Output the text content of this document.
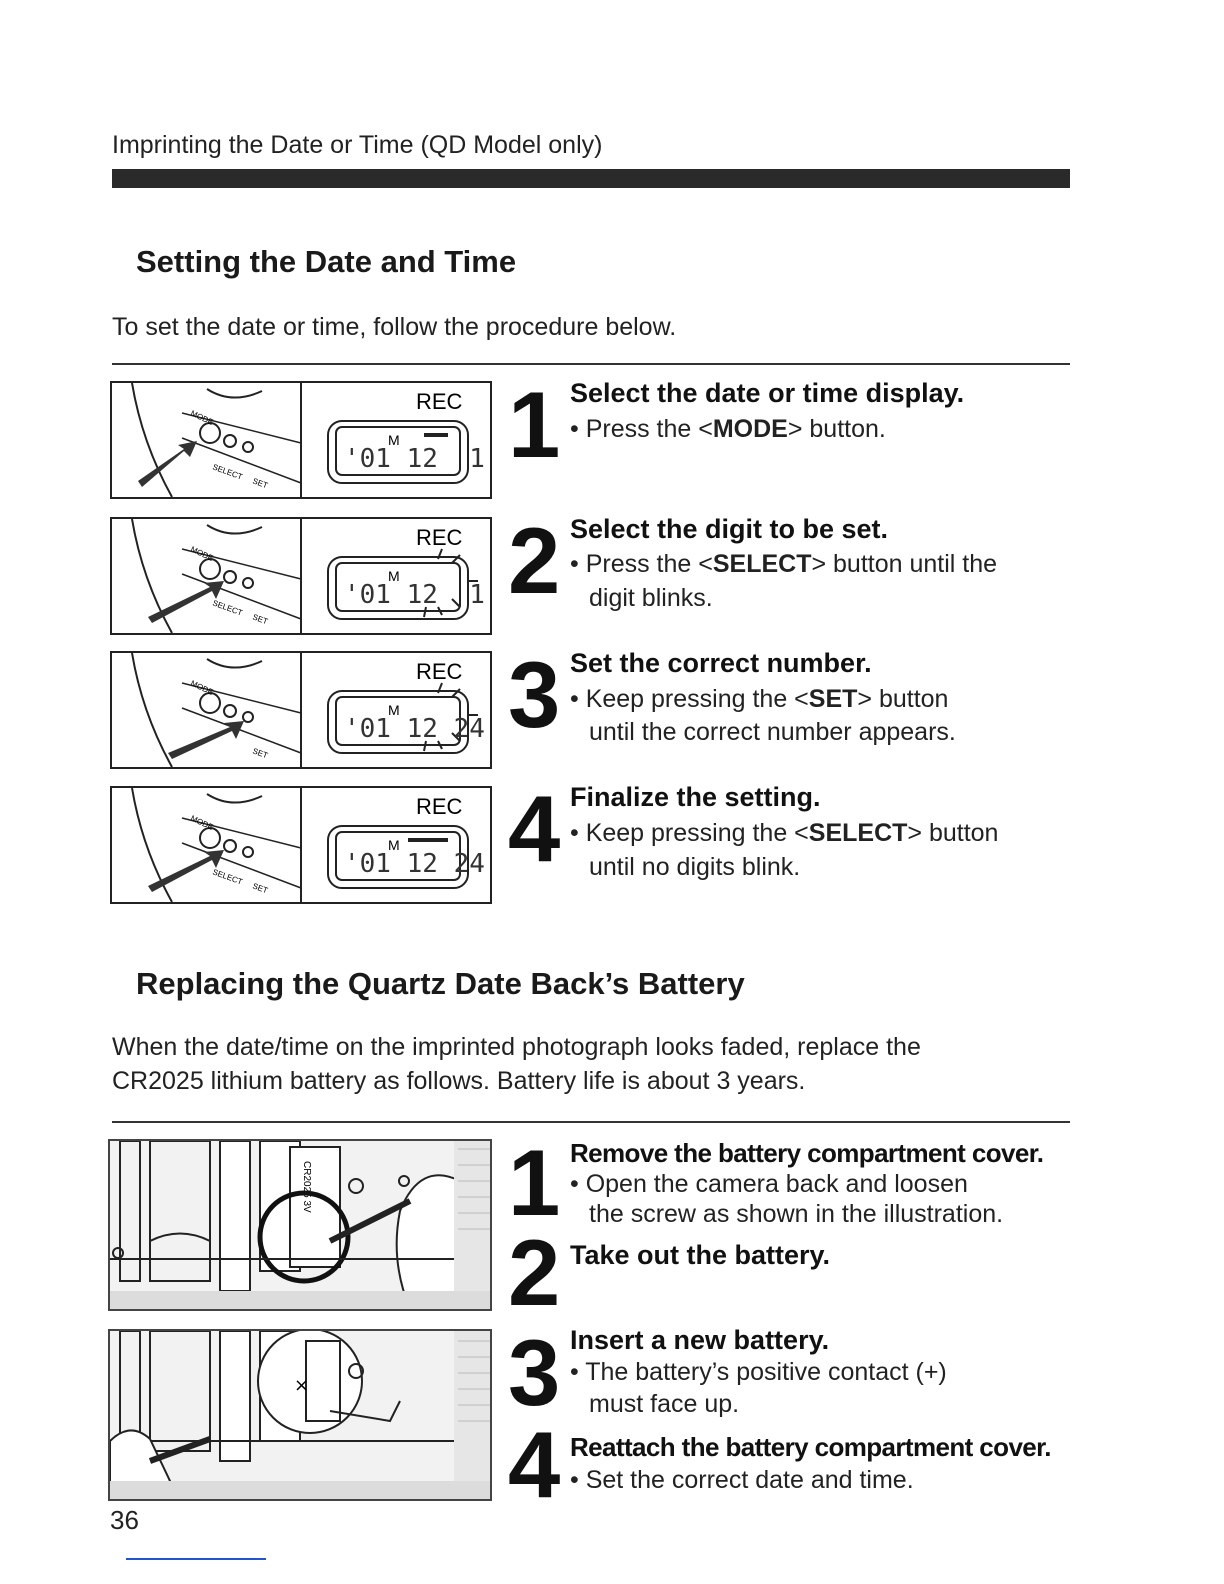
Imprinting the Date or Time (QD Model only)
Setting the Date and Time
To set the date or time, follow the procedure below.
MODE
SELECT
SET
REC
M
'01 12  1
MODE
SELECT
SET
REC
M
'01 12  1
MODE
SET
REC
M
'01 12 24
MODE
SELECT
SET
REC
M
'01 12 24
1 Select the date or time display.
• Press the <MODE> button.
2 Select the digit to be set.
• Press the <SELECT> button until the
digit blinks.
3 Set the correct number.
• Keep pressing the <SET> button
until the correct number appears.
4 Finalize the setting.
• Keep pressing the <SELECT> button
until no digits blink.
Replacing the Quartz Date Back’s Battery
When the date/time on the imprinted photograph looks faded, replace the
CR2025 lithium battery as follows. Battery life is about 3 years.
CR2025 3V
×
1 Remove the battery compartment cover.
• Open the camera back and loosen
the screw as shown in the illustration.
2 Take out the battery.
3 Insert a new battery.
• The battery’s positive contact (+)
must face up.
4 Reattach the battery compartment cover.
• Set the correct date and time.
36
